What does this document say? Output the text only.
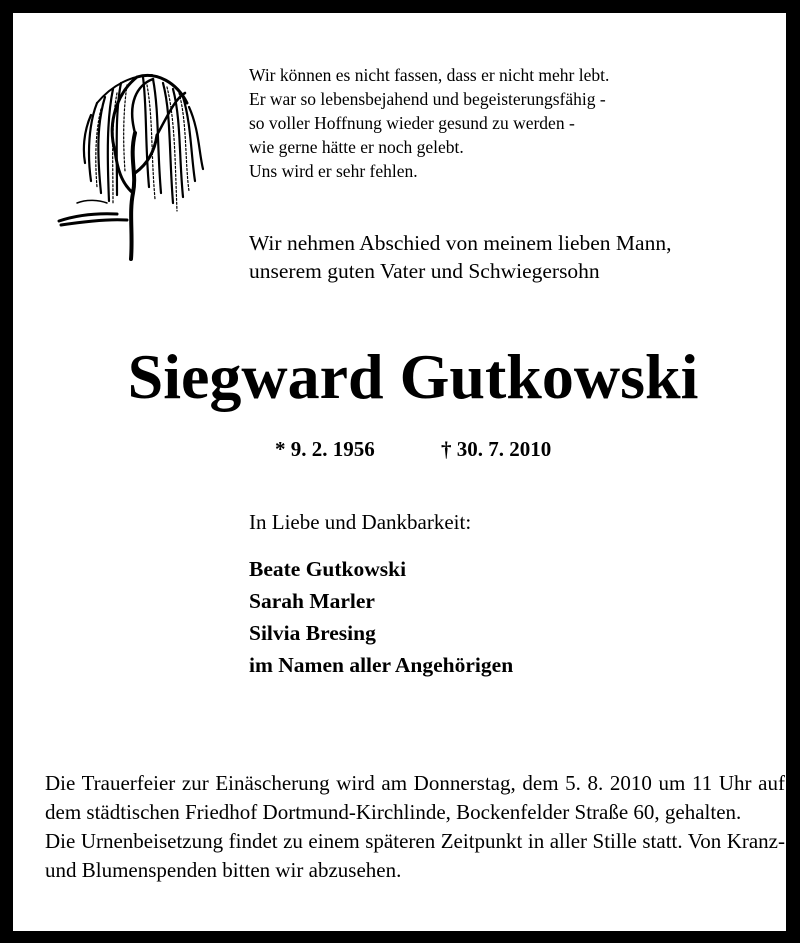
Wir können es nicht fassen, dass er nicht mehr lebt.
Er war so lebensbejahend und begeisterungsfähig -
so voller Hoffnung wieder gesund zu werden -
wie gerne hätte er noch gelebt.
Uns wird er sehr fehlen.
Wir nehmen Abschied von meinem lieben Mann,
unserem guten Vater und Schwiegersohn
Siegward Gutkowski
* 9. 2. 1956	† 30. 7. 2010
In Liebe und Dankbarkeit:
Beate Gutkowski
Sarah Marler
Silvia Bresing
im Namen aller Angehörigen

Die Trauerfeier zur Einäscherung wird am Donnerstag, dem 5. 8. 2010 um 11 Uhr auf dem städtischen Friedhof Dortmund-Kirchlinde, Bockenfelder Straße 60, gehalten.

Die Urnenbeisetzung findet zu einem späteren Zeitpunkt in aller Stille statt. Von Kranz- und Blumenspenden bitten wir abzusehen.
